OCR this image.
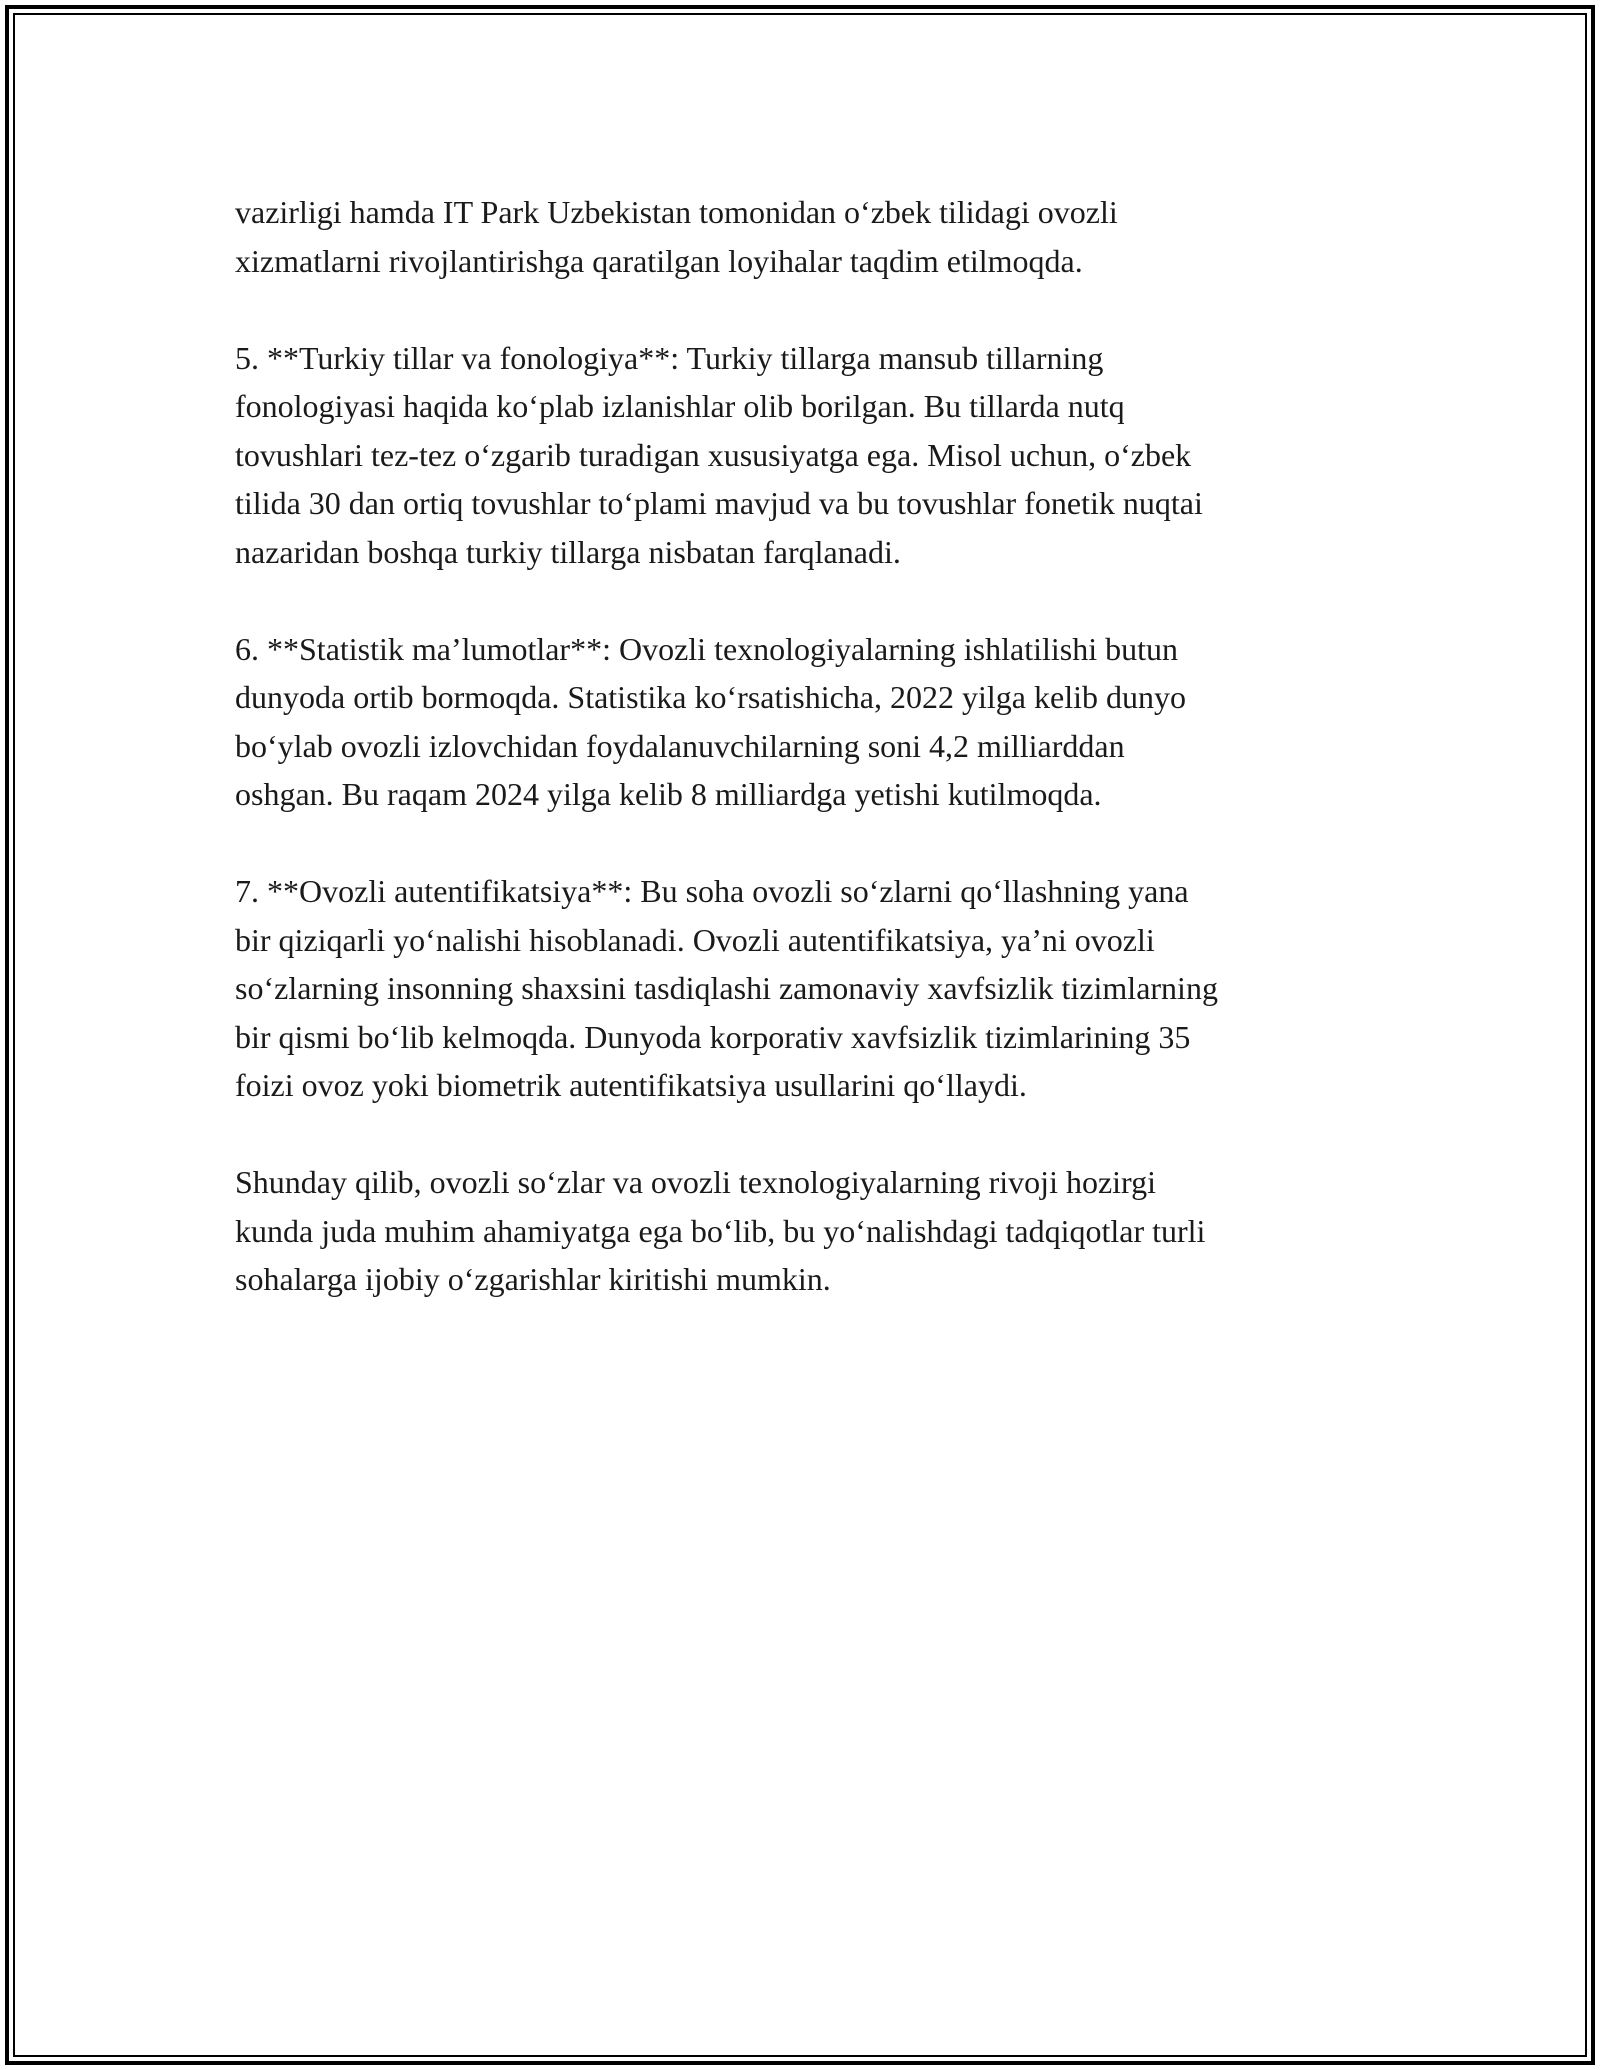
vazirligi hamda IT Park Uzbekistan tomonidan o‘zbek tilidagi ovozli
xizmatlarni rivojlantirishga qaratilgan loyihalar taqdim etilmoqda.

5. **Turkiy tillar va fonologiya**: Turkiy tillarga mansub tillarning
fonologiyasi haqida ko‘plab izlanishlar olib borilgan. Bu tillarda nutq
tovushlari tez-tez o‘zgarib turadigan xususiyatga ega. Misol uchun, o‘zbek
tilida 30 dan ortiq tovushlar to‘plami mavjud va bu tovushlar fonetik nuqtai
nazaridan boshqa turkiy tillarga nisbatan farqlanadi.

6. **Statistik ma’lumotlar**: Ovozli texnologiyalarning ishlatilishi butun
dunyoda ortib bormoqda. Statistika ko‘rsatishicha, 2022 yilga kelib dunyo
bo‘ylab ovozli izlovchidan foydalanuvchilarning soni 4,2 milliarddan
oshgan. Bu raqam 2024 yilga kelib 8 milliardga yetishi kutilmoqda.

7. **Ovozli autentifikatsiya**: Bu soha ovozli so‘zlarni qo‘llashning yana
bir qiziqarli yo‘nalishi hisoblanadi. Ovozli autentifikatsiya, ya’ni ovozli
so‘zlarning insonning shaxsini tasdiqlashi zamonaviy xavfsizlik tizimlarning
bir qismi bo‘lib kelmoqda. Dunyoda korporativ xavfsizlik tizimlarining 35
foizi ovoz yoki biometrik autentifikatsiya usullarini qo‘llaydi.

Shunday qilib, ovozli so‘zlar va ovozli texnologiyalarning rivoji hozirgi
kunda juda muhim ahamiyatga ega bo‘lib, bu yo‘nalishdagi tadqiqotlar turli
sohalarga ijobiy o‘zgarishlar kiritishi mumkin.
